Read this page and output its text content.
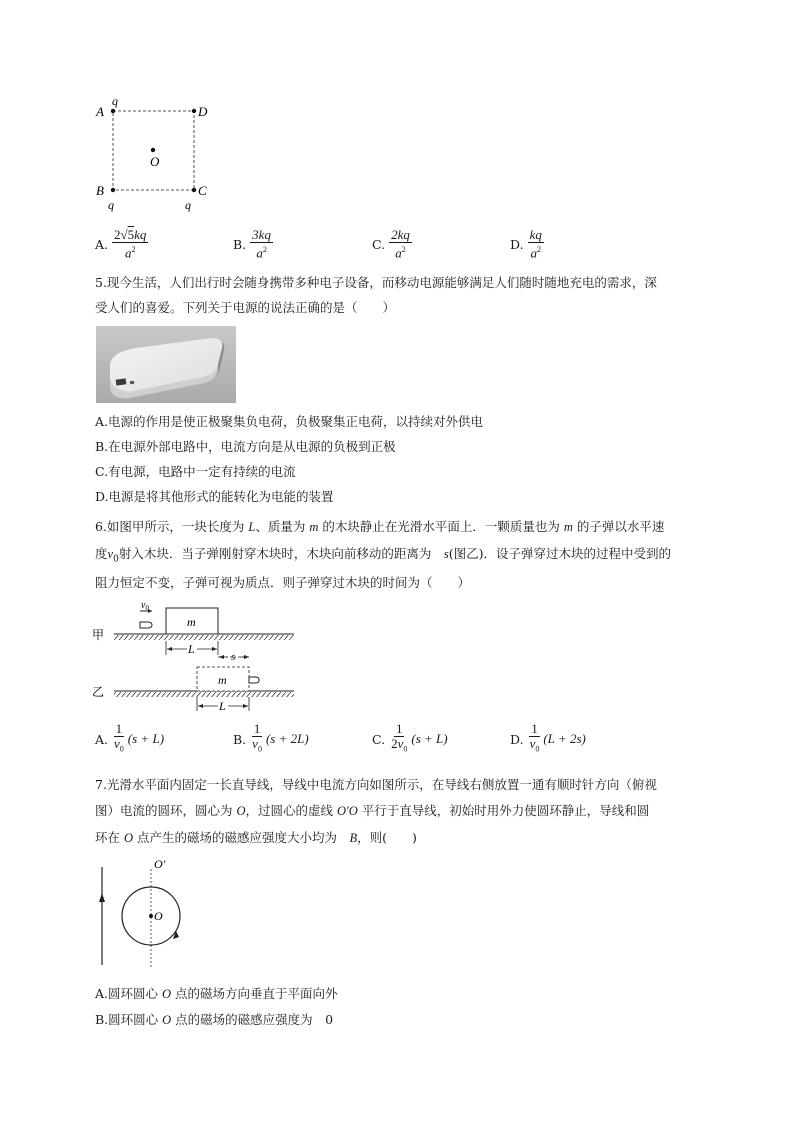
A
q
D
O
B
q
C
q
A. $\frac{2√5kq}{a^2}$	B. $\frac{3kq}{a^2}$	C. $\frac{2kq}{a^2}$	D. $\frac{kq}{a^2}$
5.现今生活，人们出行时会随身携带多种电子设备，而移动电源能够满足人们随时随地充电的需求，深
受人们的喜爱。下列关于电源的说法正确的是（　　）
A.电源的作用是使正极聚集负电荷，负极聚集正电荷，以持续对外供电
B.在电源外部电路中，电流方向是从电源的负极到正极
C.有电源，电路中一定有持续的电流
D.电源是将其他形式的能转化为电能的装置
6.如图甲所示，一块长度为 L、质量为 m 的木块静止在光滑水平面上．一颗质量也为 m 的子弹以水平速
度$v_0$射入木块．当子弹刚射穿木块时，木块向前移动的距离为　s(图乙)．设子弹穿过木块的过程中受到的
阻力恒定不变，子弹可视为质点．则子弹穿过木块的时间为（　　）
甲
m
$v_0$
L
s
乙
m
L
A. $\frac{1}{v_0} (s + L)$	B. $\frac{1}{v_0} (s + 2L)$	C. $\frac{1}{2v_0} (s + L)$	D. $\frac{1}{v_0} (L + 2s)$
7.光滑水平面内固定一长直导线，导线中电流方向如图所示，在导线右侧放置一通有顺时针方向（俯视
图）电流的圆环，圆心为 O，过圆心的虚线 O′O 平行于直导线，初始时用外力使圆环静止，导线和圆
环在 O 点产生的磁场的磁感应强度大小均为　B，则(　　)
O′
O
A.圆环圆心 O 点的磁场方向垂直于平面向外
B.圆环圆心 O 点的磁场的磁感应强度为　0
